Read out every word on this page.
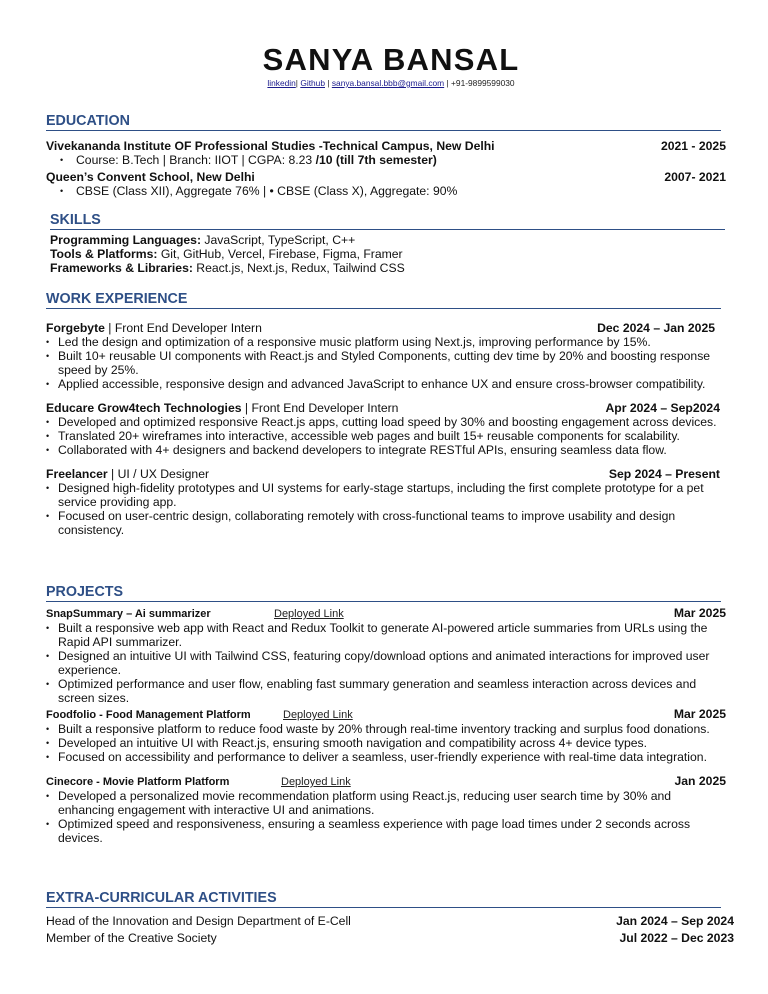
SANYA BANSAL
linkedin| Github | sanya.bansal.bbb@gmail.com | +91-9899599030
EDUCATION
Vivekananda Institute OF Professional Studies -Technical Campus, New Delhi	2021 - 2025
• Course: B.Tech | Branch: IIOT | CGPA: 8.23 /10 (till 7th semester)
Queen’s Convent School, New Delhi	2007- 2021
• CBSE (Class XII), Aggregate 76% | • CBSE (Class X), Aggregate: 90%
SKILLS
Programming Languages: JavaScript, TypeScript, C++
Tools & Platforms: Git, GitHub, Vercel, Firebase, Figma, Framer
Frameworks & Libraries: React.js, Next.js, Redux, Tailwind CSS
WORK EXPERIENCE
Forgebyte | Front End Developer Intern	Dec 2024 – Jan 2025
• Led the design and optimization of a responsive music platform using Next.js, improving performance by 15%.
• Built 10+ reusable UI components with React.js and Styled Components, cutting dev time by 20% and boosting response speed by 25%.
• Applied accessible, responsive design and advanced JavaScript to enhance UX and ensure cross-browser compatibility.
Educare Grow4tech Technologies | Front End Developer Intern	Apr 2024 – Sep2024
• Developed and optimized responsive React.js apps, cutting load speed by 30% and boosting engagement across devices.
• Translated 20+ wireframes into interactive, accessible web pages and built 15+ reusable components for scalability.
• Collaborated with 4+ designers and backend developers to integrate RESTful APIs, ensuring seamless data flow.
Freelancer | UI / UX Designer	Sep 2024 – Present
• Designed high-fidelity prototypes and UI systems for early-stage startups, including the first complete prototype for a pet service providing app.
• Focused on user-centric design, collaborating remotely with cross-functional teams to improve usability and design consistency.
PROJECTS
SnapSummary – Ai summarizer	Deployed Link	Mar 2025
• Built a responsive web app with React and Redux Toolkit to generate AI-powered article summaries from URLs using the Rapid API summarizer.
• Designed an intuitive UI with Tailwind CSS, featuring copy/download options and animated interactions for improved user experience.
• Optimized performance and user flow, enabling fast summary generation and seamless interaction across devices and screen sizes.
Foodfolio - Food Management Platform	Deployed Link	Mar 2025
• Built a responsive platform to reduce food waste by 20% through real-time inventory tracking and surplus food donations.
• Developed an intuitive UI with React.js, ensuring smooth navigation and compatibility across 4+ device types.
• Focused on accessibility and performance to deliver a seamless, user-friendly experience with real-time data integration.
Cinecore - Movie Platform Platform	Deployed Link	Jan 2025
• Developed a personalized movie recommendation platform using React.js, reducing user search time by 30% and enhancing engagement with interactive UI and animations.
• Optimized speed and responsiveness, ensuring a seamless experience with page load times under 2 seconds across devices.
EXTRA-CURRICULAR ACTIVITIES
Head of the Innovation and Design Department of E-Cell	Jan 2024 – Sep 2024
Member of the Creative Society	Jul 2022 – Dec 2023
